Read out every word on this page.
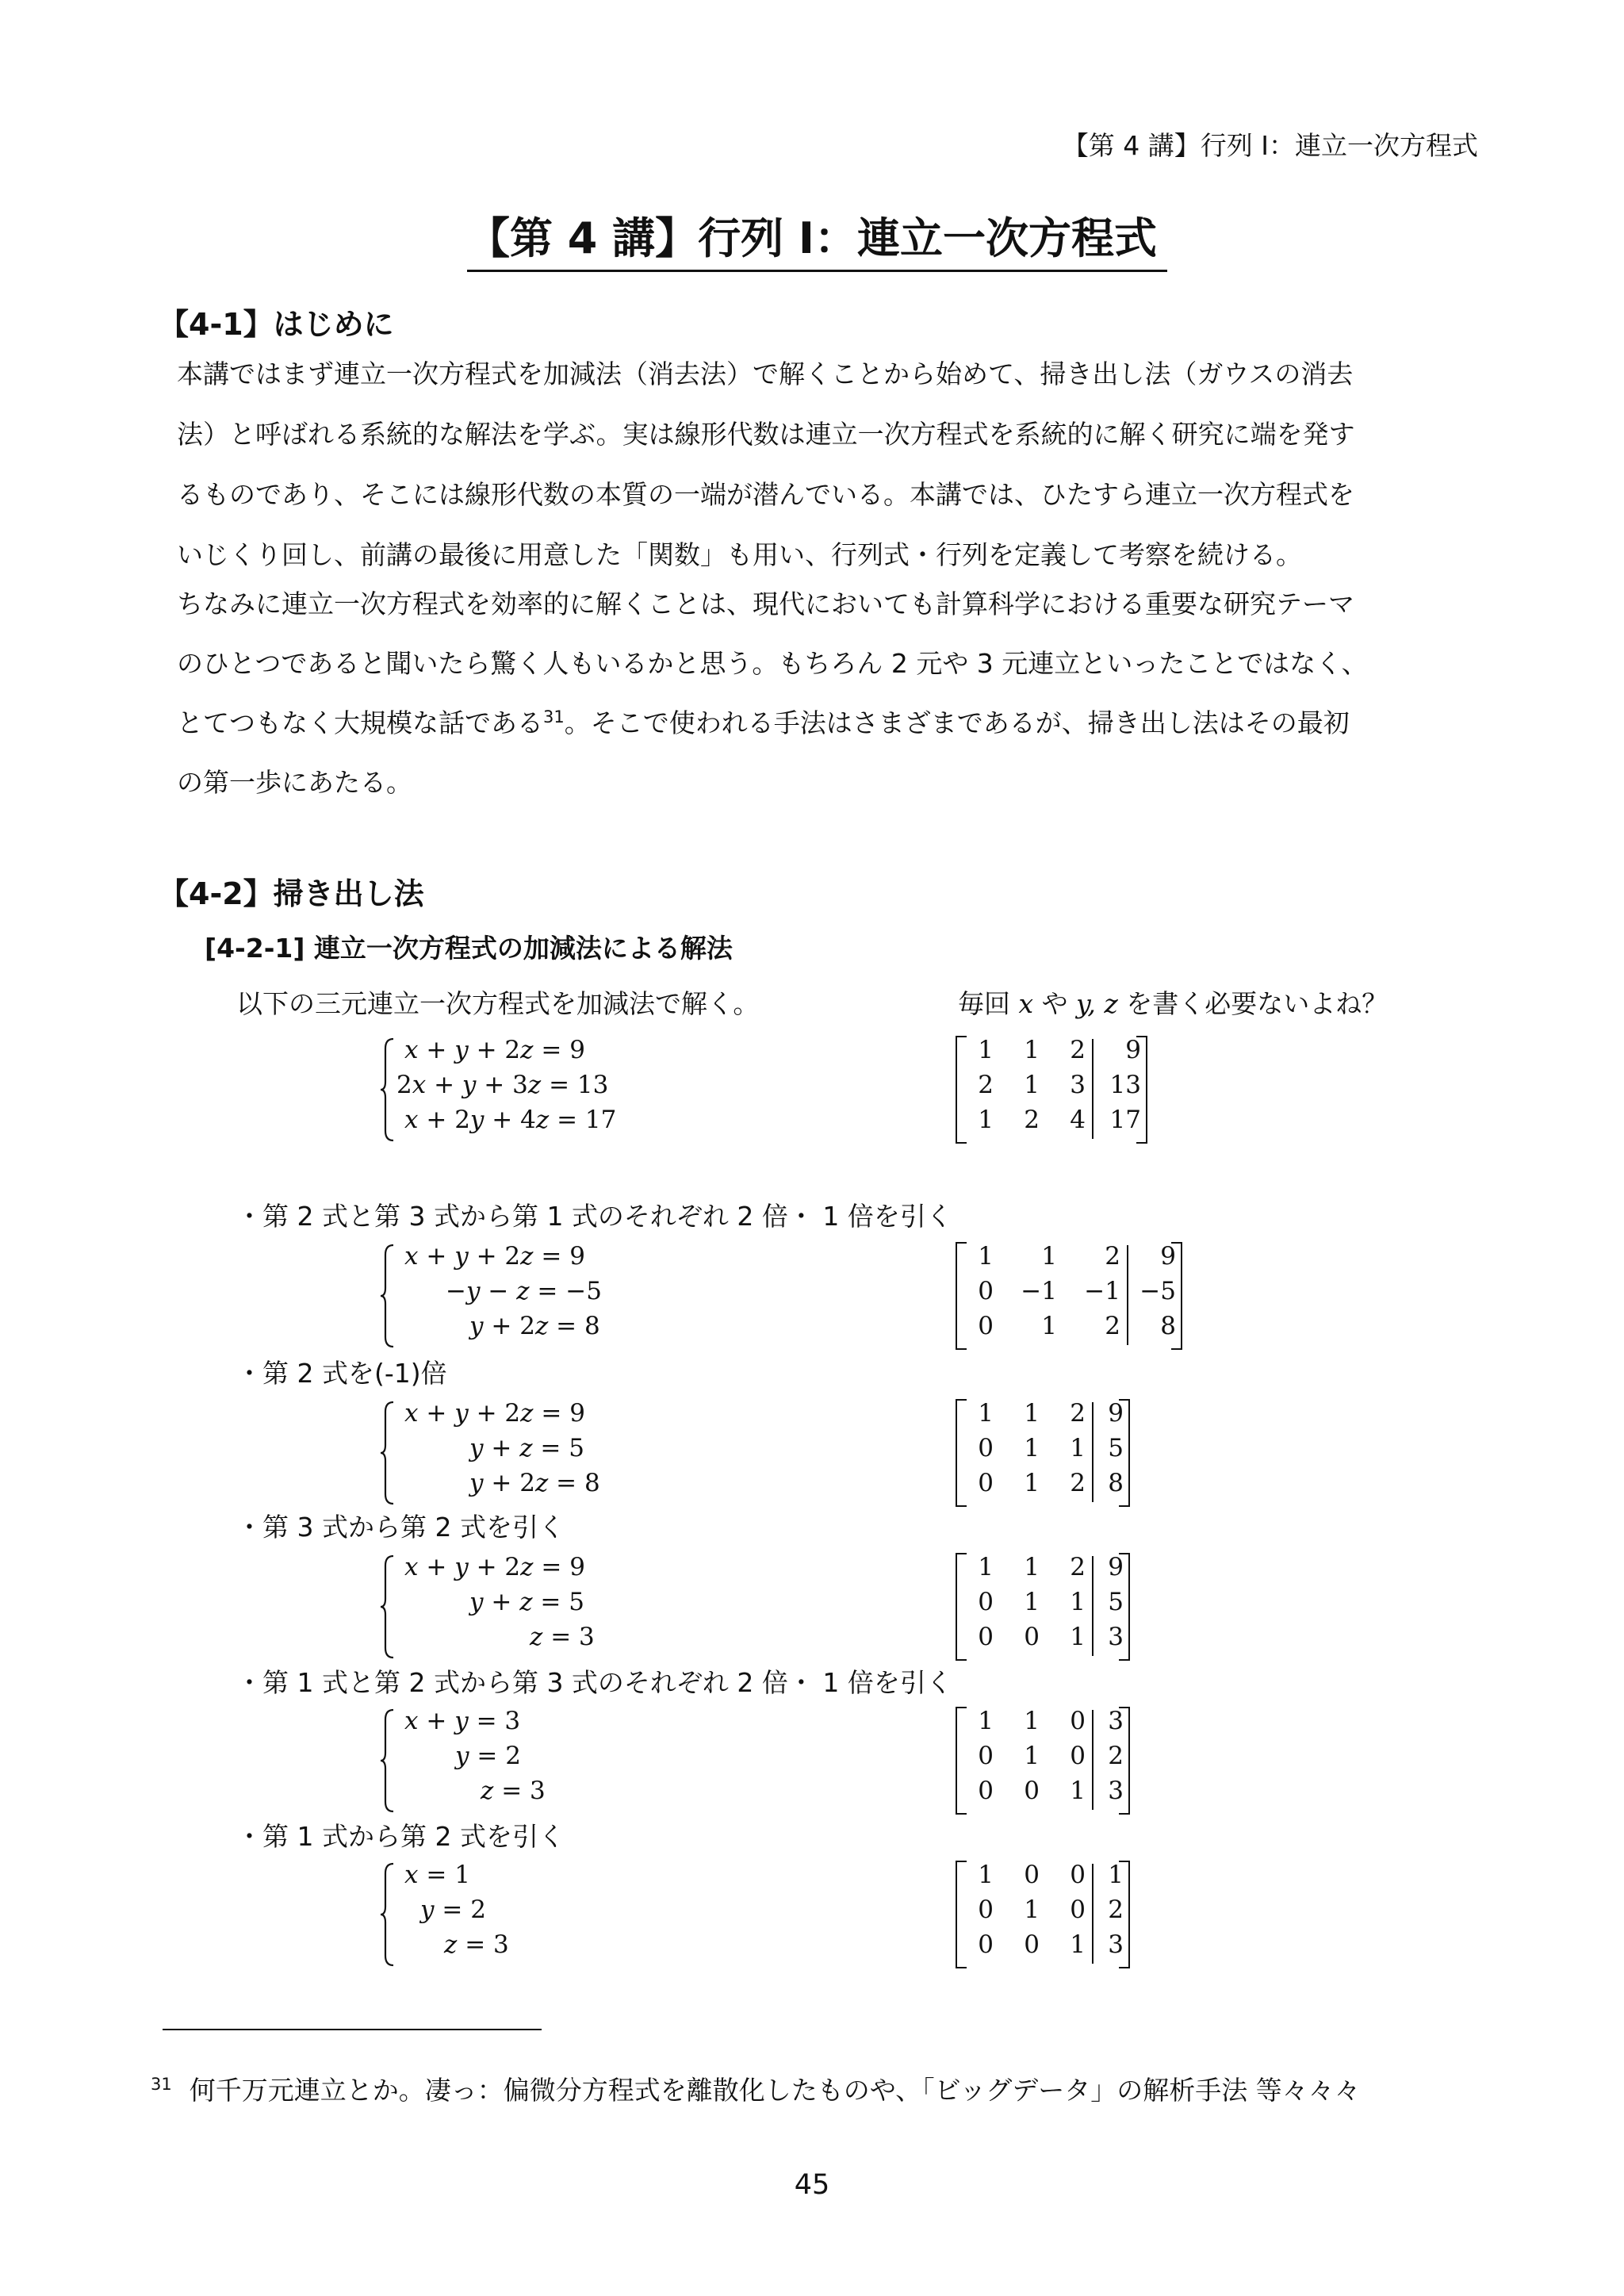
【第 4 講】行列 I：連立一次方程式
【第 4 講】行列 I：連立一次方程式
【4-1】はじめに
本講ではまず連立一次方程式を加減法（消去法）で解くことから始めて、掃き出し法（ガウスの消去
法）と呼ばれる系統的な解法を学ぶ。実は線形代数は連立一次方程式を系統的に解く研究に端を発す
るものであり、そこには線形代数の本質の一端が潜んでいる。本講では、ひたすら連立一次方程式を
いじくり回し、前講の最後に用意した「関数」も用い、行列式・行列を定義して考察を続ける。
ちなみに連立一次方程式を効率的に解くことは、現代においても計算科学における重要な研究テーマ
のひとつであると聞いたら驚く人もいるかと思う。もちろん 2 元や 3 元連立といったことではなく、
とてつもなく大規模な話である$^{31}$。そこで使われる手法はさまざまであるが、掃き出し法はその最初
の第一歩にあたる。
【4-2】掃き出し法
[4-2-1] 連立一次方程式の加減法による解法
以下の三元連立一次方程式を加減法で解く。	毎回 x や y, z を書く必要ないよね？
・第 2 式と第 3 式から第 1 式のそれぞれ 2 倍・ 1 倍を引く
・第 2 式を(-1)倍
・第 3 式から第 2 式を引く
・第 1 式と第 2 式から第 3 式のそれぞれ 2 倍・ 1 倍を引く
・第 1 式から第 2 式を引く
x + y + 2z = 9
2x + y + 3z = 13
x + 2y + 4z = 17
x + y + 2z = 9
−y − z = −5
y + 2z = 8
x + y + 2z = 9
y + z = 5
y + 2z = 8
x + y + 2z = 9
y + z = 5
z = 3
x + y = 3
y = 2
z = 3
x = 1
y = 2
z = 3
1	1	2	9
2	1	3 13
1	2	4 17
1	1	2	9
0 −1 −1 −5
0	1	2	8
1	1	2 9
0	1	1 5
0	1	2 8
1	1	2 9
0	1	1 5
0	0	1 3
1	1	0 3
0	1	0 2
0	0	1 3
1	0	0 1
0	1	0 2
0	0	1 3
$^{31}$ 何千万元連立とか。凄っ：偏微分方程式を離散化したものや、「ビッグデータ」の解析手法 等々々々
45
